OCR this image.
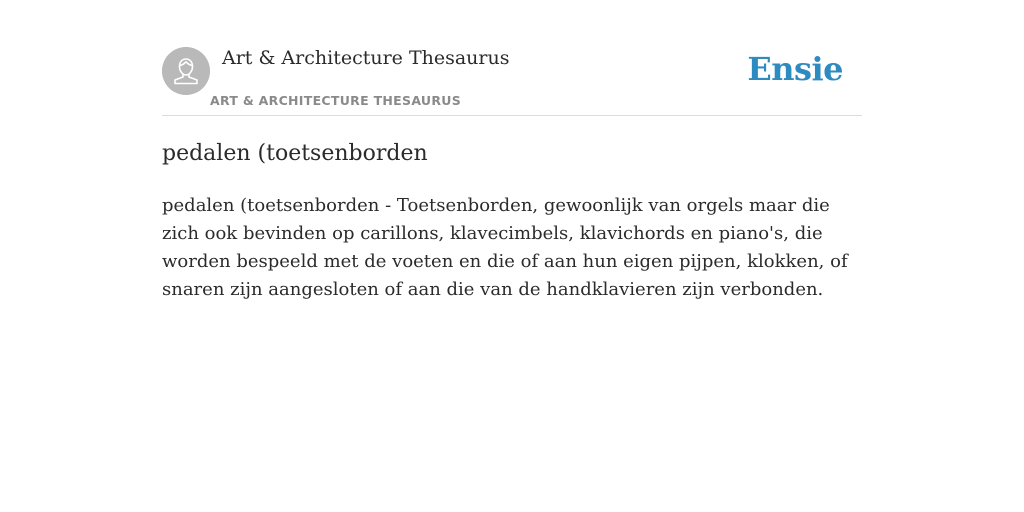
Art & Architecture Thesaurus
ART & ARCHITECTURE THESAURUS
Ensie
pedalen (toetsenborden

pedalen (toetsenborden - Toetsenborden, gewoonlijk van orgels maar die zich ook bevinden op carillons, klavecimbels, klavichords en piano's, die worden bespeeld met de voeten en die of aan hun eigen pijpen, klokken, of snaren zijn aangesloten of aan die van de handklavieren zijn verbonden.
